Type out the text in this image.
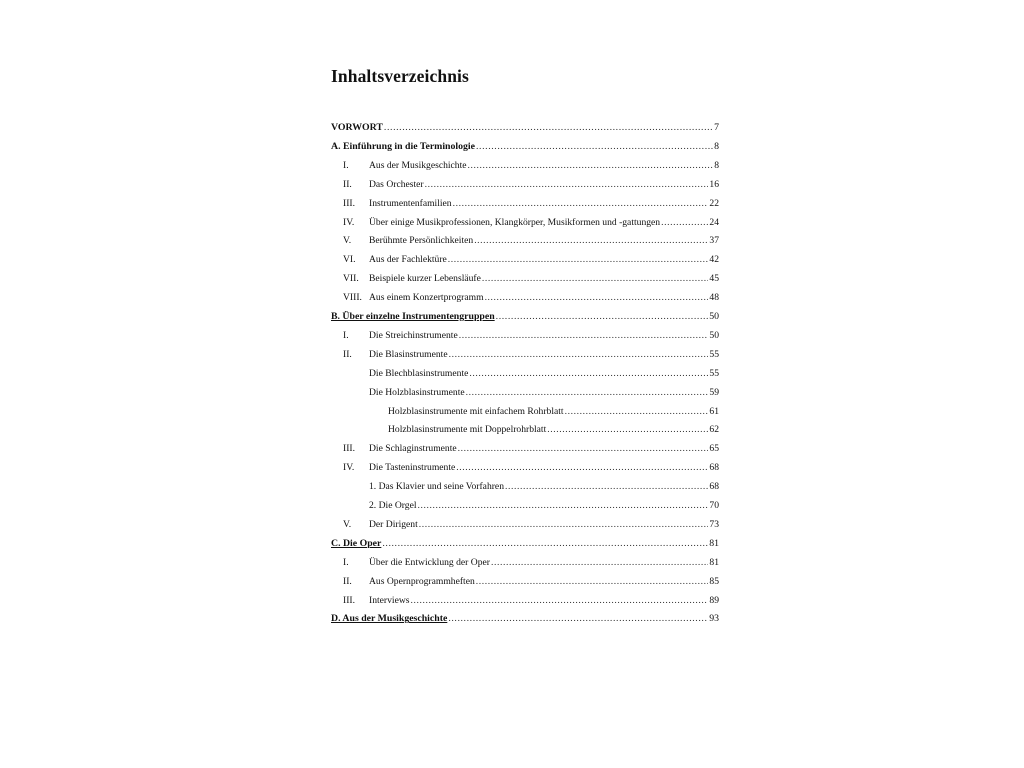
Inhaltsverzeichnis
VORWORT .....	7
A. Einführung in die Terminologie .....	8
I.	Aus der Musikgeschichte .....	8
II.	Das Orchester .....	16
III.	Instrumentenfamilien .....	22
IV.	Über einige Musikprofessionen, Klangkörper, Musikformen und -gattungen .....	24
V.	Berühmte Persönlichkeiten .....	37
VI.	Aus der Fachlektüre .....	42
VII.	Beispiele kurzer Lebensläufe .....	45
VIII. Aus einem Konzertprogramm .....	48
B. Über einzelne Instrumentengruppen .....	50
I.	Die Streichinstrumente .....	50
II.	Die Blasinstrumente .....	55
Die Blechblasinstrumente .....	55
Die Holzblasinstrumente .....	59
Holzblasinstrumente mit einfachem Rohrblatt .....	61
Holzblasinstrumente mit Doppelrohrblatt .....	62
III.	Die Schlaginstrumente .....	65
IV.	Die Tasteninstrumente .....	68
1. Das Klavier und seine Vorfahren .....	68
2. Die Orgel .....	70
V.	Der Dirigent .....	73
C. Die Oper .....	81
I.	Über die Entwicklung der Oper .....	81
II.	Aus Opernprogrammheften .....	85
III.	Interviews .....	89
D. Aus der Musikgeschichte .....	93
